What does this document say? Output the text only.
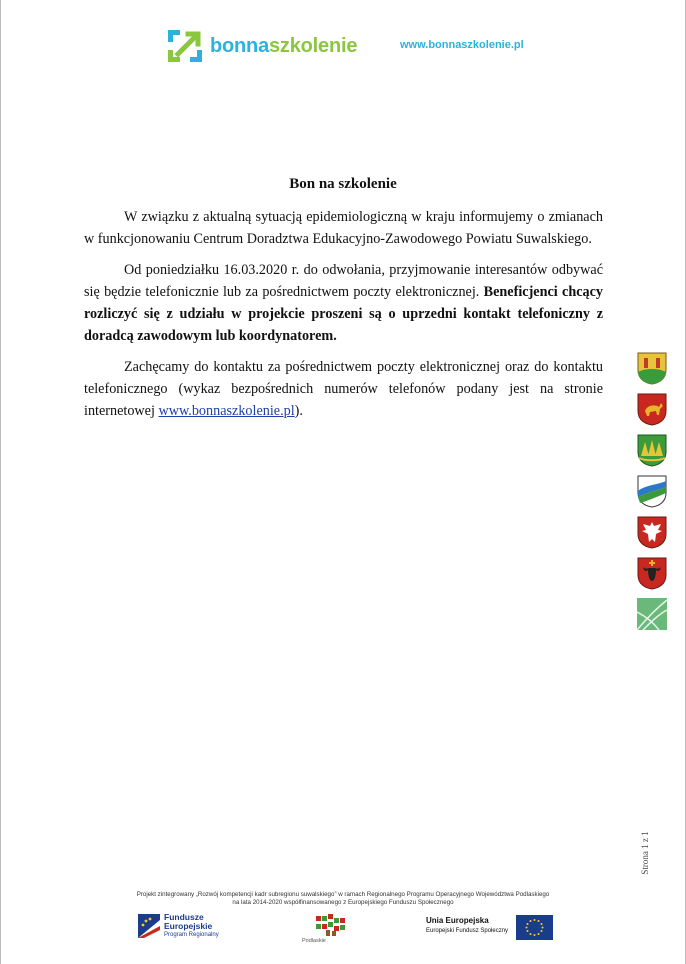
bonnaszkolenie	www.bonnaszkolenie.pl
Bon na szkolenie

W związku z aktualną sytuacją epidemiologiczną w kraju informujemy o zmianach w funkcjonowaniu Centrum Doradztwa Edukacyjno-Zawodowego Powiatu Suwalskiego.

Od poniedziałku 16.03.2020 r. do odwołania, przyjmowanie interesantów odbywać się będzie telefonicznie lub za pośrednictwem poczty elektronicznej. Beneficjenci chcący rozliczyć się z udziału w projekcie proszeni są o uprzedni kontakt telefoniczny z doradcą zawodowym lub koordynatorem.

Zachęcamy do kontaktu za pośrednictwem poczty elektronicznej oraz do kontaktu telefonicznego (wykaz bezpośrednich numerów telefonów podany jest na stronie internetowej www.bonnaszkolenie.pl).

Strona 1 z 1
Projekt zintegrowany „Rozwój kompetencji kadr subregionu suwalskiego” w ramach Regionalnego Programu Operacyjnego Województwa Podlaskiego
na lata 2014-2020 współfinansowanego z Europejskiego Funduszu Społecznego
Fundusze
Europejskie
Program Regionalny
Podlaskie
Unia Europejska
Europejski Fundusz Społeczny
